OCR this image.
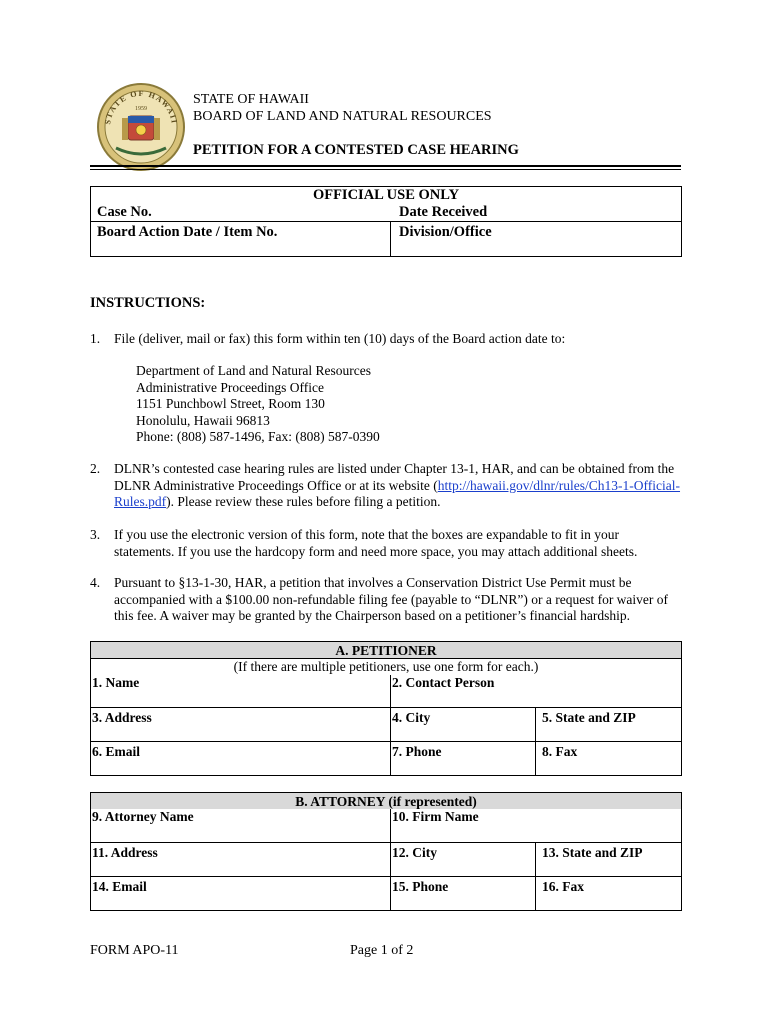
STATE OF HAWAII
1959
STATE OF HAWAII
BOARD OF LAND AND NATURAL RESOURCES
PETITION FOR A CONTESTED CASE HEARING
OFFICIAL USE ONLY
Case No.	Date Received

Board Action Date / Item No.	Division/Office
INSTRUCTIONS:
1. File (deliver, mail or fax) this form within ten (10) days of the Board action date to:
Department of Land and Natural Resources
Administrative Proceedings Office
1151 Punchbowl Street, Room 130
Honolulu, Hawaii 96813
Phone: (808) 587-1496, Fax: (808) 587-0390
2. DLNR’s contested case hearing rules are listed under Chapter 13-1, HAR, and can be obtained from the DLNR Administrative Proceedings Office or at its website (http://hawaii.gov/dlnr/rules/Ch13-1-Official-Rules.pdf). Please review these rules before filing a petition.
3. If you use the electronic version of this form, note that the boxes are expandable to fit in your statements. If you use the hardcopy form and need more space, you may attach additional sheets.
4. Pursuant to §13-1-30, HAR, a petition that involves a Conservation District Use Permit must be accompanied with a $100.00 non-refundable filing fee (payable to “DLNR”) or a request for waiver of this fee. A waiver may be granted by the Chairperson based on a petitioner’s financial hardship.
A. PETITIONER		
(If there are multiple petitioners, use one form for each.)		
1. Name	2. Contact Person	
3. Address	4. City	5. State and ZIP
6. Email	7. Phone	8. Fax
B. ATTORNEY (if represented)		
9. Attorney Name	10. Firm Name	
11. Address	12. City	13. State and ZIP
14. Email	15. Phone	16. Fax
FORM APO-11	Page 1 of 2
